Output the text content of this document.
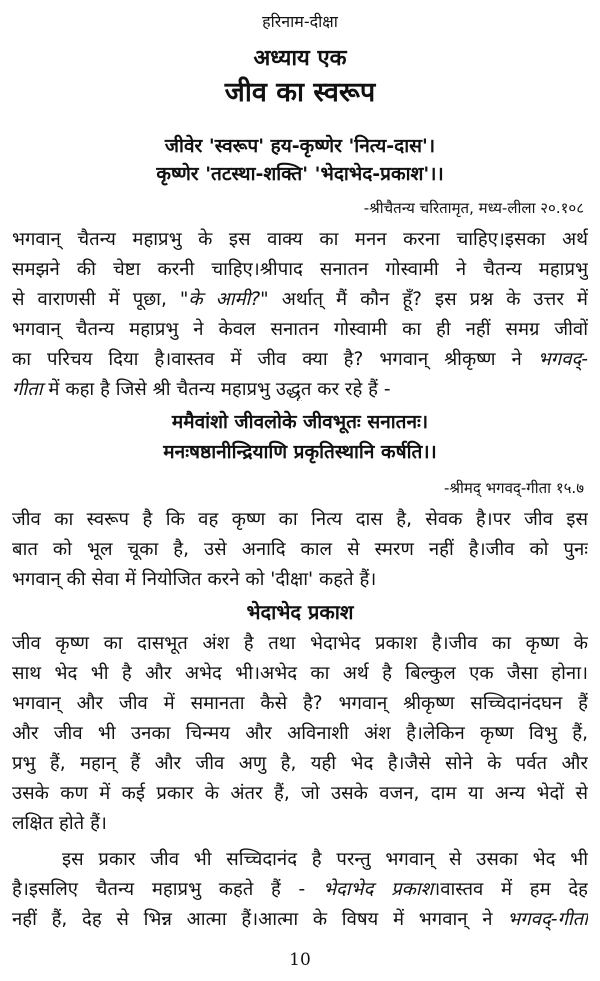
हरिनाम-दीक्षा
अध्याय एक
जीव का स्वरूप
जीवेर 'स्वरूप' हय-कृष्णेर 'नित्य-दास'।
कृष्णेर 'तटस्था-शक्ति' 'भेदाभेद-प्रकाश'।।
-श्रीचैतन्य चरितामृत, मध्य-लीला २०.१०८
भगवान् चैतन्य महाप्रभु के इस वाक्य का मनन करना चाहिए।इसका अर्थ
समझने की चेष्टा करनी चाहिए।श्रीपाद सनातन गोस्वामी ने चैतन्य महाप्रभु
से वाराणसी में पूछा, "के आमी?" अर्थात् मैं कौन हूँ? इस प्रश्न के उत्तर में
भगवान् चैतन्य महाप्रभु ने केवल सनातन गोस्वामी का ही नहीं समग्र जीवों
का परिचय दिया है।वास्तव में जीव क्या है? भगवान् श्रीकृष्ण ने भगवद्-
गीता में कहा है जिसे श्री चैतन्य महाप्रभु उद्धृत कर रहे हैं -
ममैवांशो जीवलोके जीवभूतः सनातनः।
मनःषष्ठानीन्द्रियाणि प्रकृतिस्थानि कर्षति।।
-श्रीमद् भगवद्-गीता १५.७
जीव का स्वरूप है कि वह कृष्ण का नित्य दास है, सेवक है।पर जीव इस
बात को भूल चूका है, उसे अनादि काल से स्मरण नहीं है।जीव को पुनः
भगवान् की सेवा में नियोजित करने को 'दीक्षा' कहते हैं।
भेदाभेद प्रकाश
जीव कृष्ण का दासभूत अंश है तथा भेदाभेद प्रकाश है।जीव का कृष्ण के
साथ भेद भी है और अभेद भी।अभेद का अर्थ है बिल्कुल एक जैसा होना।
भगवान् और जीव में समानता कैसे है? भगवान् श्रीकृष्ण सच्चिदानंदघन हैं
और जीव भी उनका चिन्मय और अविनाशी अंश है।लेकिन कृष्ण विभु हैं,
प्रभु हैं, महान् हैं और जीव अणु है, यही भेद है।जैसे सोने के पर्वत और
उसके कण में कई प्रकार के अंतर हैं, जो उसके वजन, दाम या अन्य भेदों से
लक्षित होते हैं।
इस प्रकार जीव भी सच्चिदानंद है परन्तु भगवान् से उसका भेद भी
है।इसलिए चैतन्य महाप्रभु कहते हैं - भेदाभेद प्रकाश।वास्तव में हम देह
नहीं हैं, देह से भिन्न आत्मा हैं।आत्मा के विषय में भगवान् ने भगवद्-गीता
10
